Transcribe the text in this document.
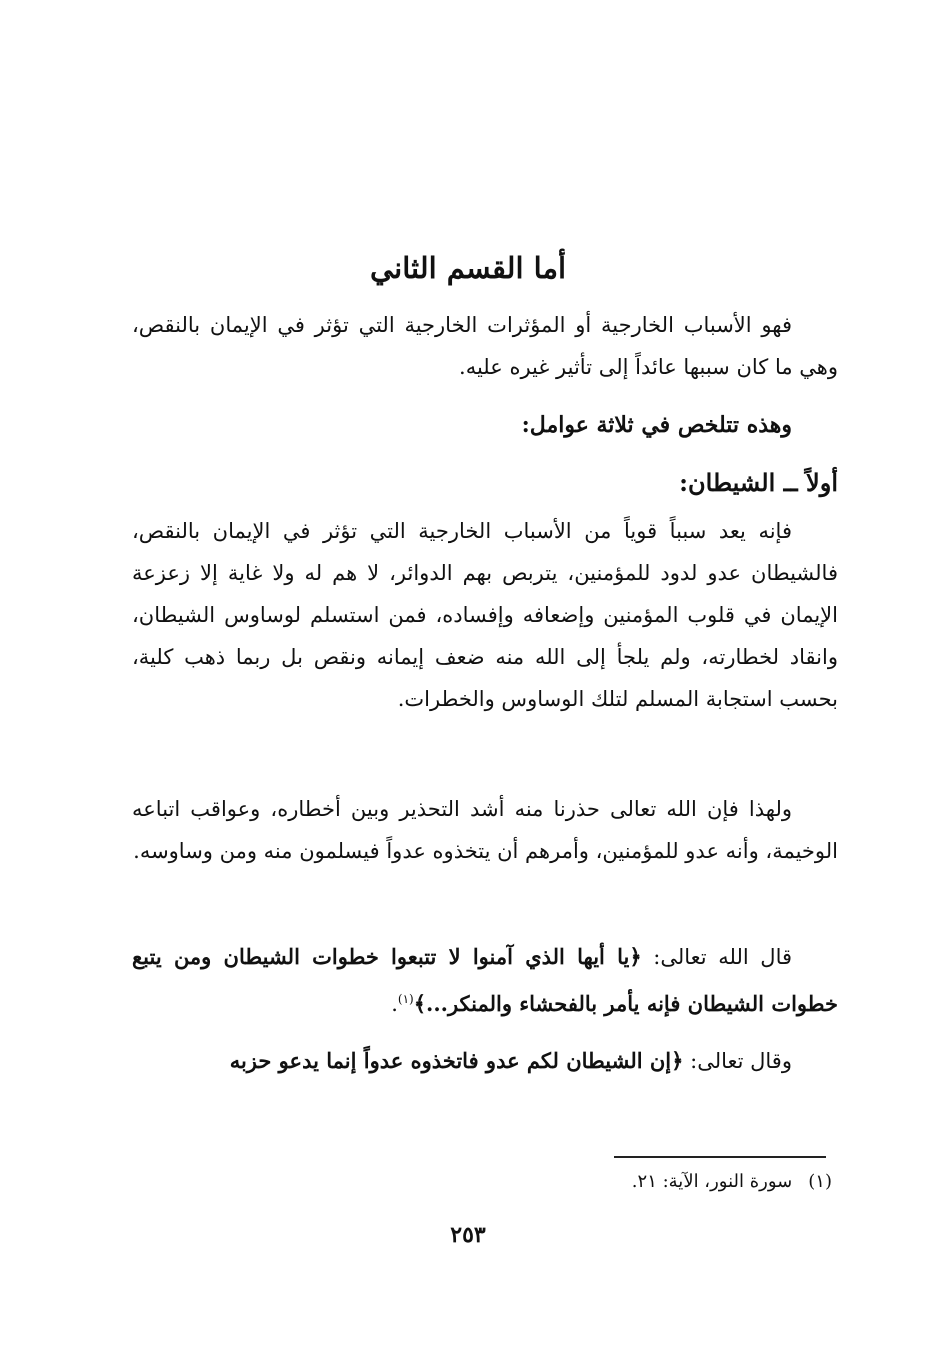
أما القسم الثاني
فهو الأسباب الخارجية أو المؤثرات الخارجية التي تؤثر في الإيمان بالنقص، وهي ما كان سببها عائداً إلى تأثير غيره عليه.
وهذه تتلخص في ثلاثة عوامل:
أولاً ــ الشيطان:
فإنه يعد سبباً قوياً من الأسباب الخارجية التي تؤثر في الإيمان بالنقص، فالشيطان عدو لدود للمؤمنين، يتربص بهم الدوائر، لا هم له ولا غاية إلا زعزعة الإيمان في قلوب المؤمنين وإضعافه وإفساده، فمن استسلم لوساوس الشيطان، وانقاد لخطارته، ولم يلجأ إلى الله منه ضعف إيمانه ونقص بل ربما ذهب كلية، بحسب استجابة المسلم لتلك الوساوس والخطرات.
ولهذا فإن الله تعالى حذرنا منه أشد التحذير وبين أخطاره، وعواقب اتباعه الوخيمة، وأنه عدو للمؤمنين، وأمرهم أن يتخذوه عدواً فيسلمون منه ومن وساوسه.
قال الله تعالى: ﴿يا أيها الذي آمنوا لا تتبعوا خطوات الشيطان ومن يتبع خطوات الشيطان فإنه يأمر بالفحشاء والمنكر...﴾$^{(١)}$.
وقال تعالى: ﴿إن الشيطان لكم عدو فاتخذوه عدواً إنما يدعو حزبه
(١)سورة النور، الآية: ٢١.
٢٥٣
